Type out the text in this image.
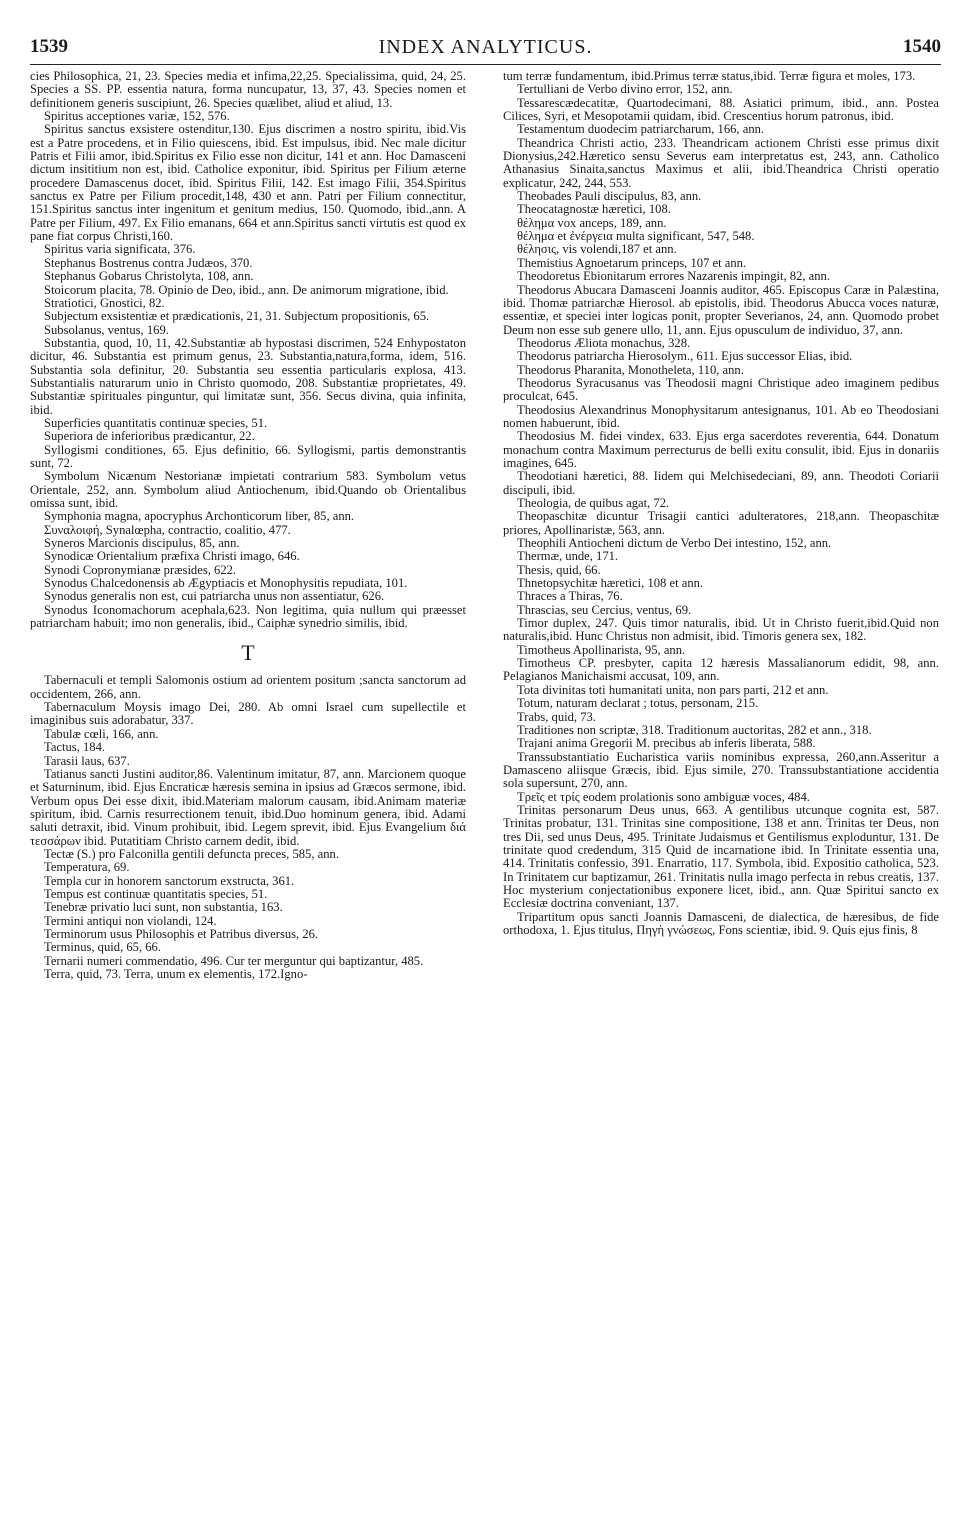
1539	INDEX ANALYTICUS.	1540

cies Philosophica, 21, 23. Species media et infima,22,25. Specialissima, quid, 24, 25. Species a SS. PP. essentia natura, forma nuncupatur, 13, 37, 43. Species nomen et definitionem generis suscipiunt, 26. Species quælibet, aliud et aliud, 13.

Spiritus acceptiones variæ, 152, 576.

Spiritus sanctus exsistere ostenditur,130. Ejus discrimen a nostro spiritu, ibid.Vis est a Patre procedens, et in Filio quiescens, ibid. Est impulsus, ibid. Nec male dicitur Patris et Filii amor, ibid.Spiritus ex Filio esse non dicitur, 141 et ann. Hoc Damasceni dictum insititium non est, ibid. Catholice exponitur, ibid. Spiritus per Filium æterne procedere Damascenus docet, ibid. Spiritus Filii, 142. Est imago Filii, 354.Spiritus sanctus ex Patre per Filium procedit,148, 430 et ann. Patri per Filium connectitur, 151.Spiritus sanctus inter ingenitum et genitum medius, 150. Quomodo, ibid.,ann. A Patre per Filium, 497. Ex Filio emanans, 664 et ann.Spiritus sancti virtutis est quod ex pane fiat corpus Christi,160.

Spiritus varia significata, 376.

Stephanus Bostrenus contra Judæos, 370.

Stephanus Gobarus Christolyta, 108, ann.

Stoicorum placita, 78. Opinio de Deo, ibid., ann. De animorum migratione, ibid.

Stratiotici, Gnostici, 82.

Subjectum exsistentiæ et prædicationis, 21, 31. Subjectum propositionis, 65.

Subsolanus, ventus, 169.

Substantia, quod, 10, 11, 42.Substantiæ ab hypostasi discrimen, 524 Enhypostaton dicitur, 46. Substantia est primum genus, 23. Substantia,natura,forma, idem, 516. Substantia sola definitur, 20. Substantia seu essentia particularis explosa, 413. Substantialis naturarum unio in Christo quomodo, 208. Substantiæ proprietates, 49. Substantiæ spirituales pinguntur, qui limitatæ sunt, 356. Secus divina, quia infinita, ibid.

Superficies quantitatis continuæ species, 51.

Superiora de inferioribus prædicantur, 22.

Syllogismi conditiones, 65. Ejus definitio, 66. Syllogismi, partis demonstrantis sunt, 72.

Symbolum Nicænum Nestorianæ impietati contrarium 583. Symbolum vetus Orientale, 252, ann. Symbolum aliud Antiochenum, ibid.Quando ob Orientalibus omissa sunt, ibid.

Symphonia magna, apocryphus Archonticorum liber, 85, ann.

Συναλοιφή, Synalœpha, contractio, coalitio, 477.

Syneros Marcionis discipulus, 85, ann.

Synodicæ Orientalium præfixa Christi imago, 646.

Synodi Copronymianæ præsides, 622.

Synodus Chalcedonensis ab Ægyptiacis et Monophysitis repudiata, 101.

Synodus generalis non est, cui patriarcha unus non assentiatur, 626.

Synodus Iconomachorum acephala,623. Non legitima, quia nullum qui præesset patriarcham habuit; imo non generalis, ibid., Caiphæ synedrio similis, ibid.

T

Tabernaculi et templi Salomonis ostium ad orientem positum ;sancta sanctorum ad occidentem, 266, ann.

Tabernaculum Moysis imago Dei, 280. Ab omni Israel cum supellectile et imaginibus suis adorabatur, 337.

Tabulæ cœli, 166, ann.

Tactus, 184.

Tarasii laus, 637.

Tatianus sancti Justini auditor,86. Valentinum imitatur, 87, ann. Marcionem quoque et Saturninum, ibid. Ejus Encraticæ hæresis semina in ipsius ad Græcos sermone, ibid. Verbum opus Dei esse dixit, ibid.Materiam malorum causam, ibid.Animam materiæ spiritum, ibid. Carnis resurrectionem tenuit, ibid.Duo hominum genera, ibid. Adami saluti detraxit, ibid. Vinum prohibuit, ibid. Legem sprevit, ibid. Ejus Evangelium διά τεσσάρων ibid. Putatitiam Christo carnem dedit, ibid.

Tectæ (S.) pro Falconilla gentili defuncta preces, 585, ann.

Temperatura, 69.

Templa cur in honorem sanctorum exstructa, 361.

Tempus est continuæ quantitatis species, 51.

Tenebræ privatio luci sunt, non substantia, 163.

Termini antiqui non violandi, 124.

Terminorum usus Philosophis et Patribus diversus, 26.

Terminus, quid, 65, 66.

Ternarii numeri commendatio, 496. Cur ter merguntur qui baptizantur, 485.

Terra, quid, 73. Terra, unum ex elementis, 172.Igno-

tum terræ fundamentum, ibid.Primus terræ status,ibid. Terræ figura et moles, 173.

Tertulliani de Verbo divino error, 152, ann.

Tessarescædecatitæ, Quartodecimani, 88. Asiatici primum, ibid., ann. Postea Cilices, Syri, et Mesopotamii quidam, ibid. Crescentius horum patronus, ibid.

Testamentum duodecim patriarcharum, 166, ann.

Theandrica Christi actio, 233. Theandricam actionem Christi esse primus dixit Dionysius,242.Hæretico sensu Severus eam interpretatus est, 243, ann. Catholico Athanasius Sinaita,sanctus Maximus et alii, ibid.Theandrica Christi operatio explicatur, 242, 244, 553.

Theobades Pauli discipulus, 83, ann.

Theocatagnostæ hæretici, 108.

θέλημα vox anceps, 189, ann.

θέλημα et ἐνέργεια multa significant, 547, 548.

θέλησις, vis volendi,187 et ann.

Themistius Agnoetarum princeps, 107 et ann.

Theodoretus Ebionitarum errores Nazarenis impingit, 82, ann.

Theodorus Abucara Damasceni Joannis auditor, 465. Episcopus Caræ in Palæstina, ibid. Thomæ patriarchæ Hierosol. ab epistolis, ibid. Theodorus Abucca voces naturæ, essentiæ, et speciei inter logicas ponit, propter Severianos, 24, ann. Quomodo probet Deum non esse sub genere ullo, 11, ann. Ejus opusculum de individuo, 37, ann.

Theodorus Æliota monachus, 328.

Theodorus patriarcha Hierosolym., 611. Ejus successor Elias, ibid.

Theodorus Pharanita, Monotheleta, 110, ann.

Theodorus Syracusanus vas Theodosii magni Christique adeo imaginem pedibus proculcat, 645.

Theodosius Alexandrinus Monophysitarum antesignanus, 101. Ab eo Theodosiani nomen habuerunt, ibid.

Theodosius M. fidei vindex, 633. Ejus erga sacerdotes reverentia, 644. Donatum monachum contra Maximum perrecturus de belli exitu consulit, ibid. Ejus in donariis imagines, 645.

Theodotiani hæretici, 88. Iidem qui Melchisedeciani, 89, ann. Theodoti Coriarii discipuli, ibid.

Theologia, de quibus agat, 72.

Theopaschitæ dicuntur Trisagii cantici adulteratores, 218,ann. Theopaschitæ priores, Apollinaristæ, 563, ann.

Theophili Antiocheni dictum de Verbo Dei intestino, 152, ann.

Thermæ, unde, 171.

Thesis, quid, 66.

Thnetopsychitæ hæretici, 108 et ann.

Thraces a Thiras, 76.

Thrascias, seu Cercius, ventus, 69.

Timor duplex, 247. Quis timor naturalis, ibid. Ut in Christo fuerit,ibid.Quid non naturalis,ibid. Hunc Christus non admisit, ibid. Timoris genera sex, 182.

Timotheus Apollinarista, 95, ann.

Timotheus CP. presbyter, capita 12 hæresis Massalianorum edidit, 98, ann. Pelagianos Manichaismi accusat, 109, ann.

Tota divinitas toti humanitati unita, non pars parti, 212 et ann.

Totum, naturam declarat ; totus, personam, 215.

Trabs, quid, 73.

Traditiones non scriptæ, 318. Traditionum auctoritas, 282 et ann., 318.

Trajani anima Gregorii M. precibus ab inferis liberata, 588.

Transsubstantiatio Eucharistica variis nominibus expressa, 260,ann.Asseritur a Damasceno aliisque Græcis, ibid. Ejus simile, 270. Transsubstantiatione accidentia sola supersunt, 270, ann.

Τρεῖς et τρίς eodem prolationis sono ambiguæ voces, 484.

Trinitas personarum Deus unus, 663. A gentilibus utcunque cognita est, 587. Trinitas probatur, 131. Trinitas sine compositione, 138 et ann. Trinitas ter Deus, non tres Dii, sed unus Deus, 495. Trinitate Judaismus et Gentilismus exploduntur, 131. De trinitate quod credendum, 315 Quid de incarnatione ibid. In Trinitate essentia una, 414. Trinitatis confessio, 391. Enarratio, 117. Symbola, ibid. Expositio catholica, 523. In Trinitatem cur baptizamur, 261. Trinitatis nulla imago perfecta in rebus creatis, 137. Hoc mysterium conjectationibus exponere licet, ibid., ann. Quæ Spiritui sancto ex Ecclesiæ doctrina conveniant, 137.

Tripartitum opus sancti Joannis Damasceni, de dialectica, de hæresibus, de fide orthodoxa, 1. Ejus titulus, Πηγὴ γνώσεως, Fons scientiæ, ibid. 9. Quis ejus finis, 8
